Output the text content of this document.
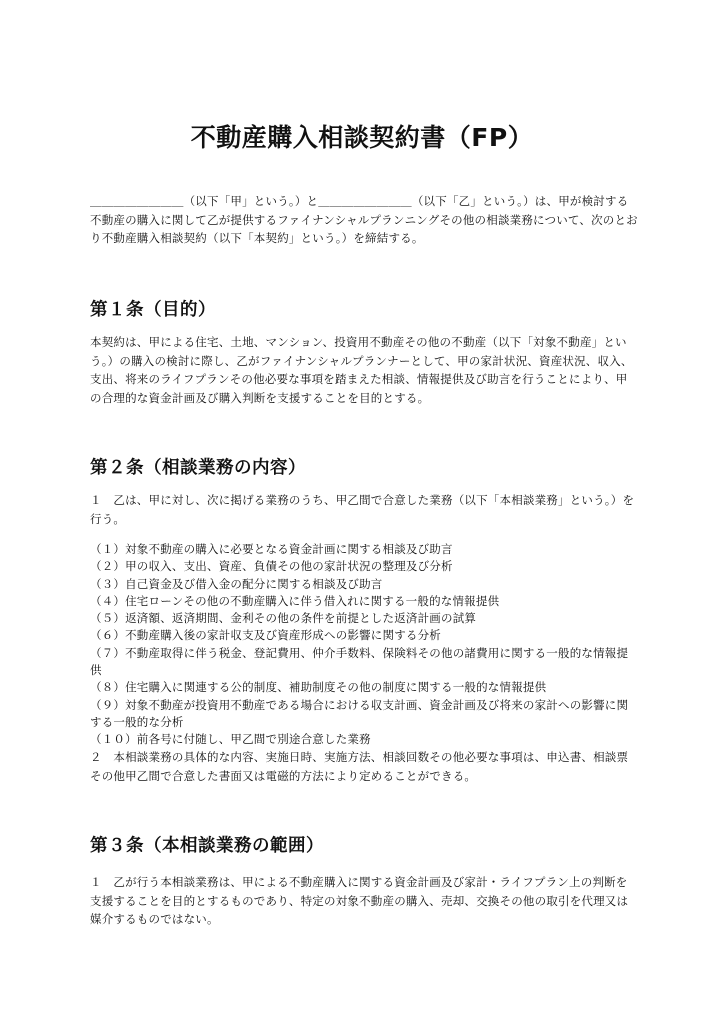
不動産購入相談契約書（FP）

＿＿＿＿＿＿＿＿（以下「甲」という。）と＿＿＿＿＿＿＿＿（以下「乙」という。）は、甲が検討する不動産の購入に関して乙が提供するファイナンシャルプランニングその他の相談業務について、次のとおり不動産購入相談契約（以下「本契約」という。）を締結する。

第１条（目的）

本契約は、甲による住宅、土地、マンション、投資用不動産その他の不動産（以下「対象不動産」という。）の購入の検討に際し、乙がファイナンシャルプランナーとして、甲の家計状況、資産状況、収入、支出、将来のライフプランその他必要な事項を踏まえた相談、情報提供及び助言を行うことにより、甲の合理的な資金計画及び購入判断を支援することを目的とする。

第２条（相談業務の内容）

１　乙は、甲に対し、次に掲げる業務のうち、甲乙間で合意した業務（以下「本相談業務」という。）を行う。

（１）対象不動産の購入に必要となる資金計画に関する相談及び助言
（２）甲の収入、支出、資産、負債その他の家計状況の整理及び分析
（３）自己資金及び借入金の配分に関する相談及び助言
（４）住宅ローンその他の不動産購入に伴う借入れに関する一般的な情報提供
（５）返済額、返済期間、金利その他の条件を前提とした返済計画の試算
（６）不動産購入後の家計収支及び資産形成への影響に関する分析
（７）不動産取得に伴う税金、登記費用、仲介手数料、保険料その他の諸費用に関する一般的な情報提供
（８）住宅購入に関連する公的制度、補助制度その他の制度に関する一般的な情報提供
（９）対象不動産が投資用不動産である場合における収支計画、資金計画及び将来の家計への影響に関する一般的な分析
（１０）前各号に付随し、甲乙間で別途合意した業務

２　本相談業務の具体的な内容、実施日時、実施方法、相談回数その他必要な事項は、申込書、相談票その他甲乙間で合意した書面又は電磁的方法により定めることができる。

第３条（本相談業務の範囲）

１　乙が行う本相談業務は、甲による不動産購入に関する資金計画及び家計・ライフプラン上の判断を支援することを目的とするものであり、特定の対象不動産の購入、売却、交換その他の取引を代理又は媒介するものではない。
